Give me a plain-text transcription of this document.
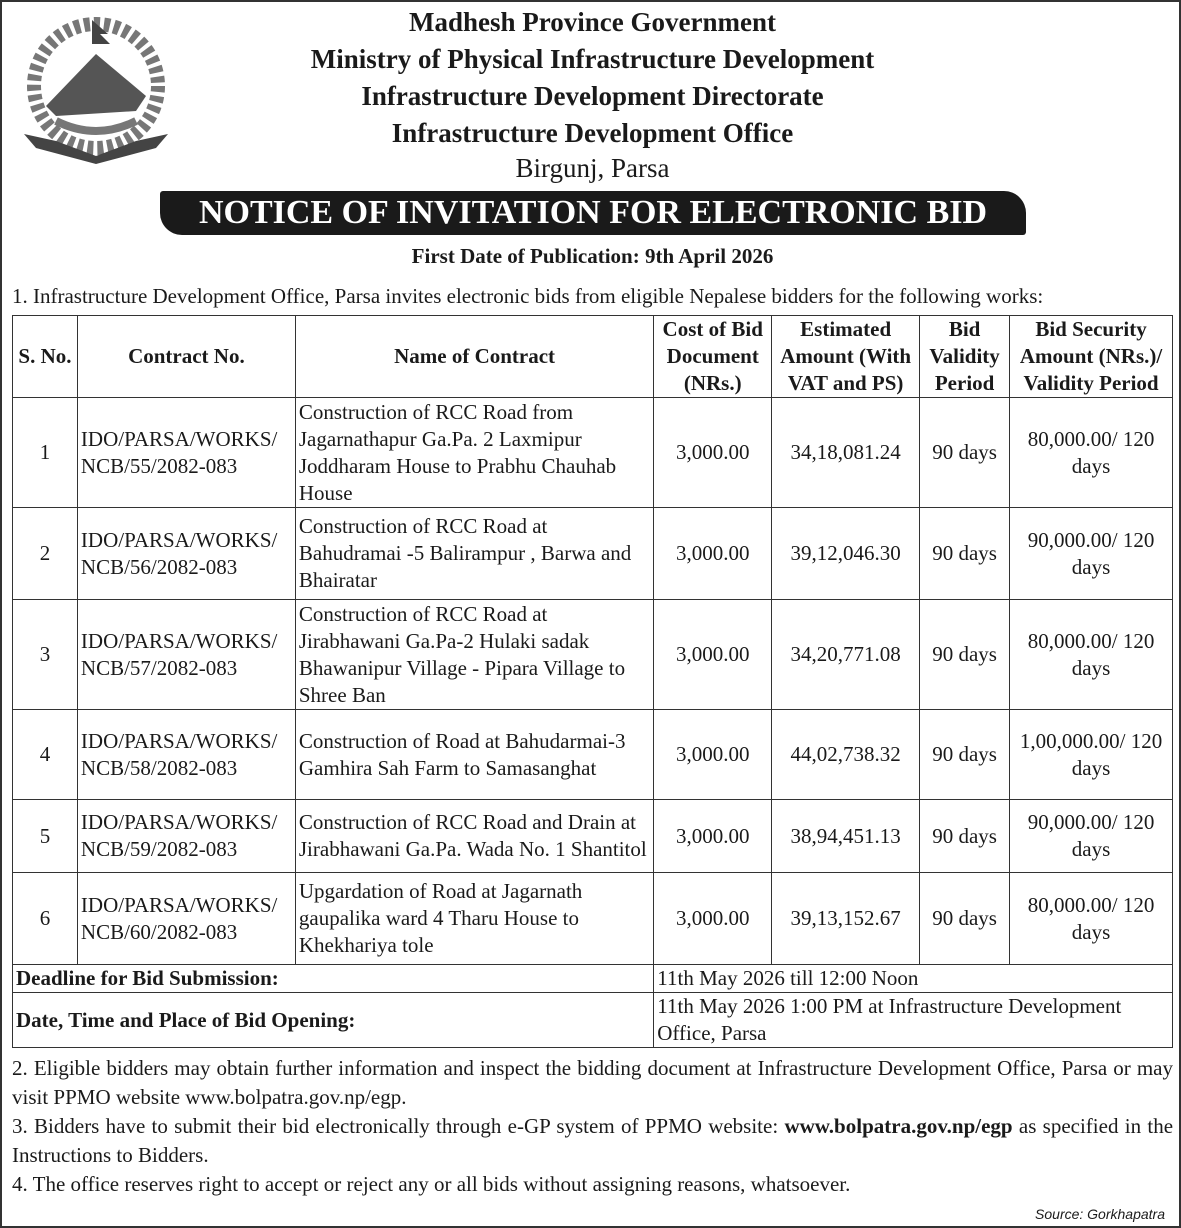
Madhesh Province Government
Ministry of Physical Infrastructure Development
Infrastructure Development Directorate
Infrastructure Development Office
Birgunj, Parsa
NOTICE OF INVITATION FOR ELECTRONIC BID
First Date of Publication: 9th April 2026
1. Infrastructure Development Office, Parsa invites electronic bids from eligible Nepalese bidders for the following works:
S. No.	Contract No.	Name of Contract	Cost of Bid Document (NRs.)	Estimated Amount (With VAT and PS)	Bid Validity Period	Bid Security Amount (NRs.)/ Validity Period
1	IDO/PARSA/WORKS/ NCB/55/2082-083	Construction of RCC Road from Jagarnathapur Ga.Pa. 2 Laxmipur Joddharam House to Prabhu Chauhab House	3,000.00	34,18,081.24	90 days	80,000.00/ 120 days
2	IDO/PARSA/WORKS/ NCB/56/2082-083	Construction of RCC Road at Bahudramai -5 Balirampur , Barwa and Bhairatar	3,000.00	39,12,046.30	90 days	90,000.00/ 120 days
3	IDO/PARSA/WORKS/ NCB/57/2082-083	Construction of RCC Road at Jirabhawani Ga.Pa-2 Hulaki sadak Bhawanipur Village - Pipara Village to Shree Ban	3,000.00	34,20,771.08	90 days	80,000.00/ 120 days
4	IDO/PARSA/WORKS/ NCB/58/2082-083	Construction of Road at Bahudarmai-3 Gamhira Sah Farm to Samasanghat	3,000.00	44,02,738.32	90 days	1,00,000.00/ 120 days
5	IDO/PARSA/WORKS/ NCB/59/2082-083	Construction of RCC Road and Drain at Jirabhawani Ga.Pa. Wada No. 1 Shantitol	3,000.00	38,94,451.13	90 days	90,000.00/ 120 days
6	IDO/PARSA/WORKS/ NCB/60/2082-083	Upgardation of Road at Jagarnath gaupalika ward 4 Tharu House to Khekhariya tole	3,000.00	39,13,152.67	90 days	80,000.00/ 120 days
Deadline for Bid Submission:			11th May 2026 till 12:00 Noon			
Date, Time and Place of Bid Opening:			11th May 2026 1:00 PM at Infrastructure Development Office, Parsa			
2. Eligible bidders may obtain further information and inspect the bidding document at Infrastructure Development Office, Parsa or may visit PPMO website www.bolpatra.gov.np/egp.
3. Bidders have to submit their bid electronically through e-GP system of PPMO website: www.bolpatra.gov.np/egp as specified in the Instructions to Bidders.
4. The office reserves right to accept or reject any or all bids without assigning reasons, whatsoever.
Source: Gorkhapatra
